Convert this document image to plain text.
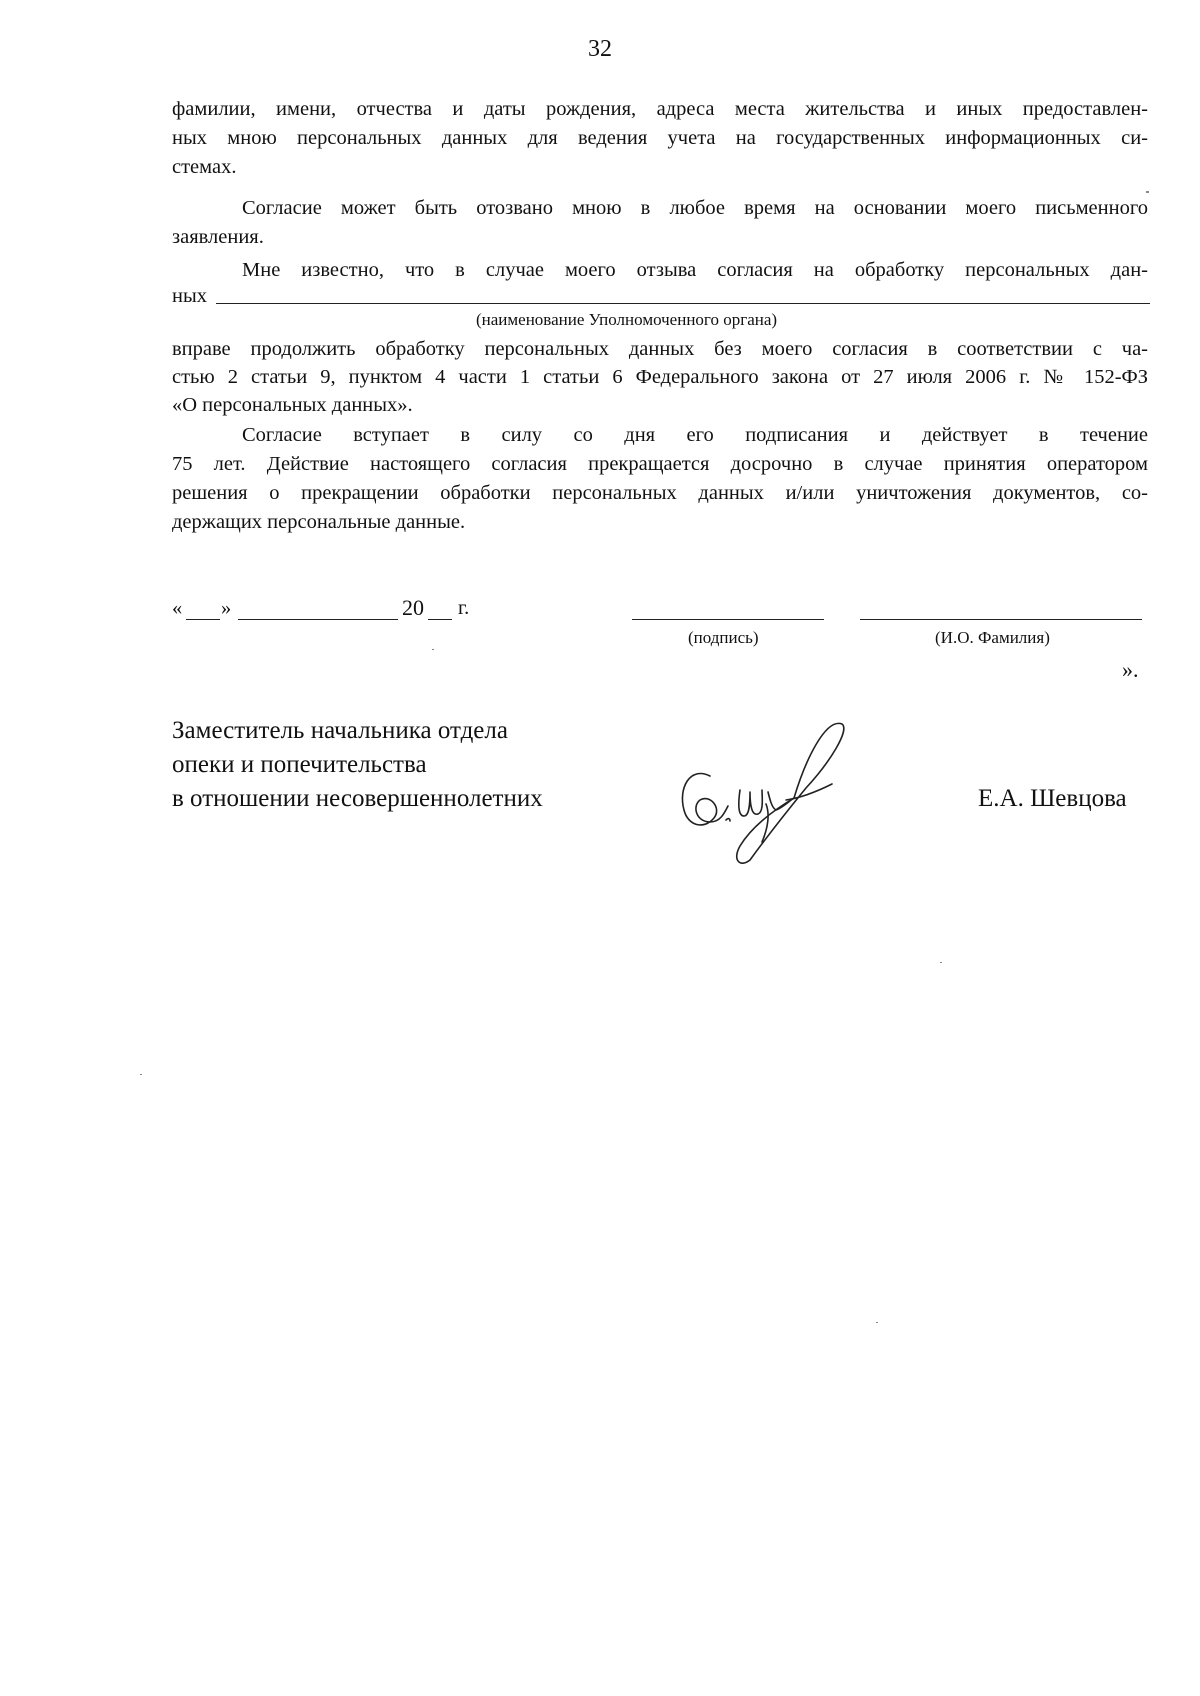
32
фамилии, имени, отчества и даты рождения, адреса места жительства и иных предоставлен-
ных мною персональных данных для ведения учета на государственных информационных си-
стемах.
Согласие может быть отозвано мною в любое время на основании моего письменного
заявления.
Мне известно, что в случае моего отзыва согласия на обработку персональных дан-
ных
(наименование Уполномоченного органа)
вправе продолжить обработку персональных данных без моего согласия в соответствии с ча-
стью 2 статьи 9, пунктом 4 части 1 статьи 6 Федерального закона от 27 июля 2006 г. № 152-ФЗ
«О персональных данных».
Согласие вступает в силу со дня его подписания и действует в течение
75 лет. Действие настоящего согласия прекращается досрочно в случае принятия оператором
решения о прекращении обработки персональных данных и/или уничтожения документов, со-
держащих персональные данные.
« »	20 г.
(подпись)	(И.О. Фамилия)
».
Заместитель начальника отдела
опеки и попечительства
в отношении несовершеннолетних	Е.А. Шевцова
